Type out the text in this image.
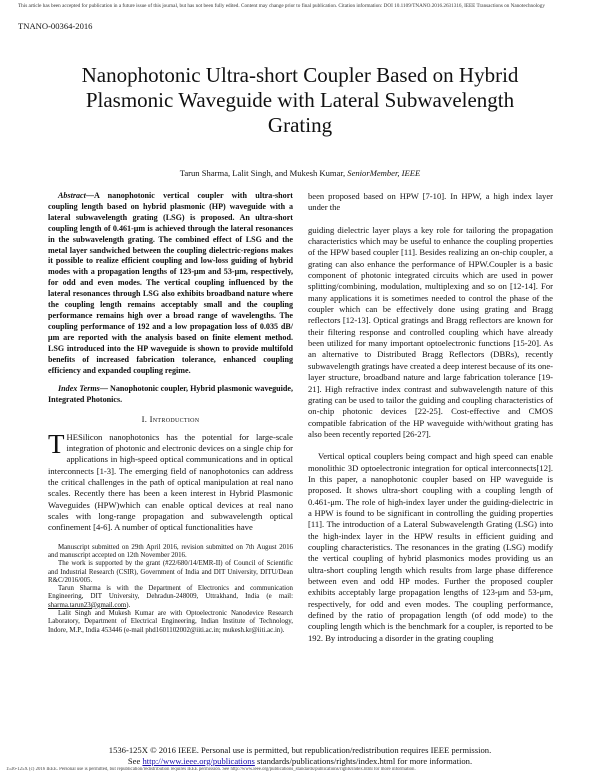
This article has been accepted for publication in a future issue of this journal, but has not been fully edited. Content may change prior to final publication. Citation information: DOI 10.1109/TNANO.2016.2631316, IEEE Transactions on Nanotechnology
TNANO-00364-2016
Nanophotonic Ultra-short Coupler Based on Hybrid Plasmonic Waveguide with Lateral Subwavelength Grating
Tarun Sharma, Lalit Singh, and Mukesh Kumar, SeniorMember, IEEE

Abstract—A nanophotonic vertical coupler with ultra-short coupling length based on hybrid plasmonic (HP) waveguide with a lateral subwavelength grating (LSG) is proposed. An ultra-short coupling length of 0.461-μm is achieved through the lateral resonances in the subwavelength grating. The combined effect of LSG and the metal layer sandwiched between the coupling dielectric-regions makes it possible to realize efficient coupling and low-loss guiding of hybrid modes with a propagation lengths of 123-μm and 53-μm, respectively, for odd and even modes. The vertical coupling influenced by the lateral resonances through LSG also exhibits broadband nature where the coupling length remains acceptably small and the coupling performance remains high over a broad range of wavelengths. The coupling performance of 192 and a low propagation loss of 0.035 dB/μm are reported with the analysis based on finite element method. LSG introduced into the HP waveguide is shown to provide multifold benefits of increased fabrication tolerance, enhanced coupling efficiency and expanded coupling regime.

Index Terms— Nanophotonic coupler, Hybrid plasmonic waveguide, Integrated Photonics.

I. Introduction

T HESilicon nanophotonics has the potential for large-scale integration of photonic and electronic devices on a single chip for applications in high-speed optical communications and in optical interconnects [1-3]. The emerging field of nanophotonics can address the critical challenges in the path of optical manipulation at real nano scales. Recently there has been a keen interest in Hybrid Plasmonic Waveguides (HPW)which can enable optical devices at real nano scales with long-range propagation and subwavelength optical confinement [4-6]. A number of optical functionalities have

Manuscript submitted on 29th April 2016, revision submitted on 7th August 2016 and manuscript accepted on 12th November 2016.

The work is supported by the grant (#22/680/14/EMR-II) of Council of Scientific and Industrial Research (CSIR), Government of India and DIT University, DITU/Dean R&C/2016/005.

Tarun Sharma is with the Department of Electronics and communication Engineering, DIT University, Dehradun-248009, Uttrakhand, India (e mail: sharma.tarun23@gmail.com).

Lalit Singh and Mukesh Kumar are with Optoelectronic Nanodevice Research Laboratory, Department of Electrical Engineering, Indian Institute of Technology, Indore, M.P., India 453446 (e-mail phd1601102002@iiti.ac.in; mukesh.kr@iiti.ac.in).

been proposed based on HPW [7-10]. In HPW, a high index layer under the

guiding dielectric layer plays a key role for tailoring the propagation characteristics which may be useful to enhance the coupling properties of the HPW based coupler [11]. Besides realizing an on-chip coupler, a grating can also enhance the performance of HPW.Coupler is a basic component of photonic integrated circuits which are used in power splitting/combining, modulation, multiplexing and so on [12-14]. For many applications it is sometimes needed to control the phase of the coupler which can be effectively done using grating and Bragg reflectors [12-13]. Optical gratings and Bragg reflectors are known for their filtering response and controlled coupling which have already been utilized for many important optoelectronic functions [15-20]. As an alternative to Distributed Bragg Reflectors (DBRs), recently subwavelength gratings have created a deep interest because of its one-layer structure, broadband nature and large fabrication tolerance [19-21]. High refractive index contrast and subwavelength nature of this grating can be used to tailor the guiding and coupling characteristics of on-chip photonic devices [22-25]. Cost-effective and CMOS compatible fabrication of the HP waveguide with/without grating has also been recently reported [26-27].

Vertical optical couplers being compact and high speed can enable monolithic 3D optoelectronic integration for optical interconnects[12]. In this paper, a nanophotonic coupler based on HP waveguide is proposed. It shows ultra-short coupling with a coupling length of 0.461-μm. The role of high-index layer under the guiding-dielectric in a HPW is found to be significant in controlling the guiding properties [11]. The introduction of a Lateral Subwavelength Grating (LSG) into the high-index layer in the HPW results in efficient guiding and coupling characteristics. The resonances in the grating (LSG) modify the vertical coupling of hybrid plasmonics modes providing us an ultra-short coupling length which results from large phase difference between even and odd HP modes. Further the proposed coupler exhibits acceptably large propagation lengths of 123-μm and 53-μm, respectively, for odd and even modes. The coupling performance, defined by the ratio of propagation length (of odd mode) to the coupling length which is the benchmark for a coupler, is reported to be 192. By introducing a disorder in the grating coupling

1536-125X © 2016 IEEE. Personal use is permitted, but republication/redistribution requires IEEE permission.
See http://www.ieee.org/publications standards/publications/rights/index.html for more information.
1536-125X (c) 2016 IEEE. Personal use is permitted, but republication/redistribution requires IEEE permission. See http://www.ieee.org/publications_standards/publications/rights/index.html for more information.
